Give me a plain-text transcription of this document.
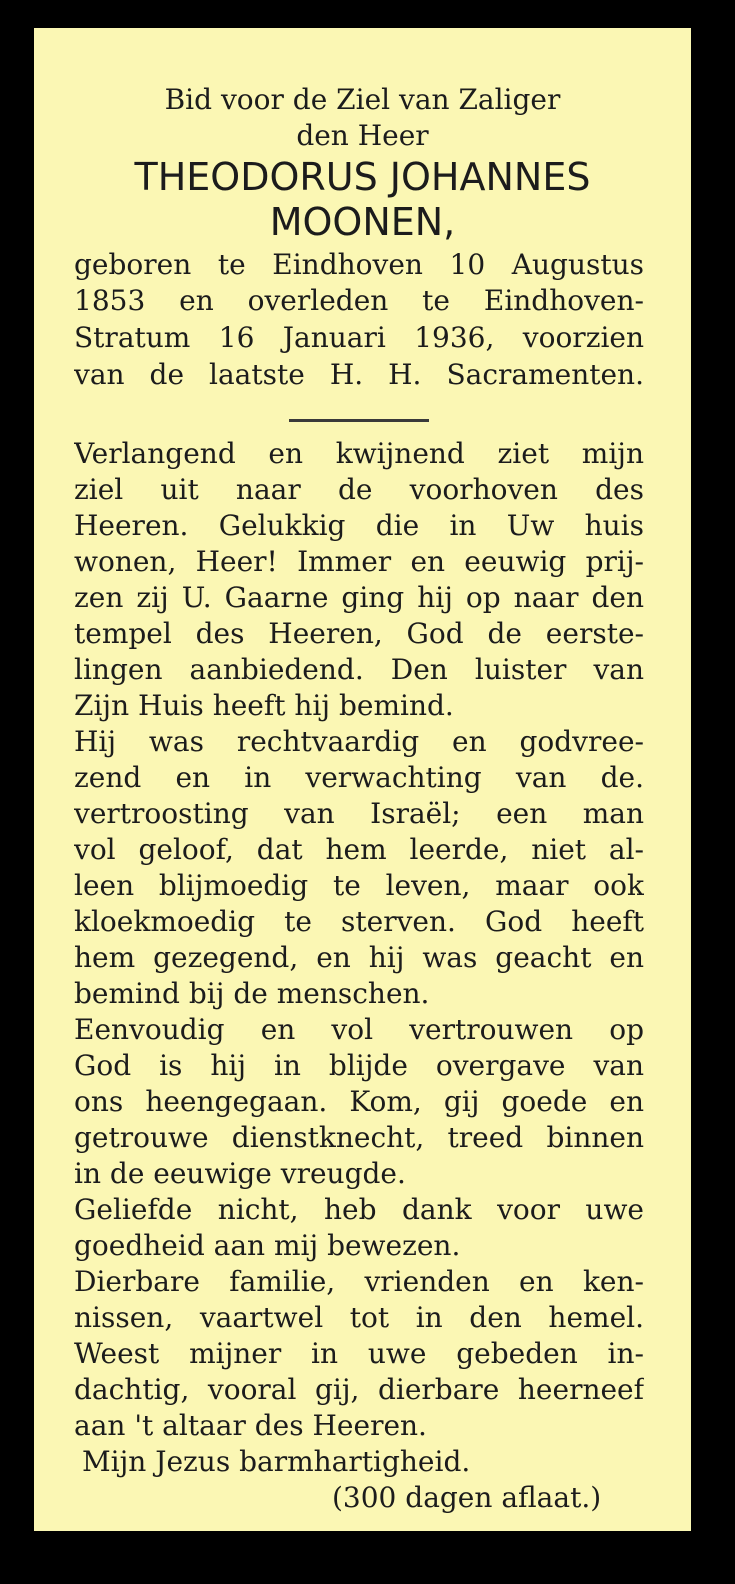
Bid voor de Ziel van Zaliger
den Heer
THEODORUS JOHANNES
MOONEN,
geboren te Eindhoven 10 Augustus
1853 en overleden te Eindhoven-
Stratum 16 Januari 1936, voorzien
van de laatste H. H. Sacramenten.
Verlangend en kwijnend ziet mijn
ziel uit naar de voorhoven des
Heeren. Gelukkig die in Uw huis
wonen, Heer! Immer en eeuwig prij-
zen zij U. Gaarne ging hij op naar den
tempel des Heeren, God de eerste-
lingen aanbiedend. Den luister van
Zijn Huis heeft hij bemind.
Hij was rechtvaardig en godvree-
zend en in verwachting van de.
vertroosting van Israël; een man
vol geloof, dat hem leerde, niet al-
leen blijmoedig te leven, maar ook
kloekmoedig te sterven. God heeft
hem gezegend, en hij was geacht en
bemind bij de menschen.
Eenvoudig en vol vertrouwen op
God is hij in blijde overgave van
ons heengegaan. Kom, gij goede en
getrouwe dienstknecht, treed binnen
in de eeuwige vreugde.
Geliefde nicht, heb dank voor uwe
goedheid aan mij bewezen.
Dierbare familie, vrienden en ken-
nissen, vaartwel tot in den hemel.
Weest mijner in uwe gebeden in-
dachtig, vooral gij, dierbare heerneef
aan 't altaar des Heeren.
Mijn Jezus barmhartigheid.
(300 dagen aflaat.)
